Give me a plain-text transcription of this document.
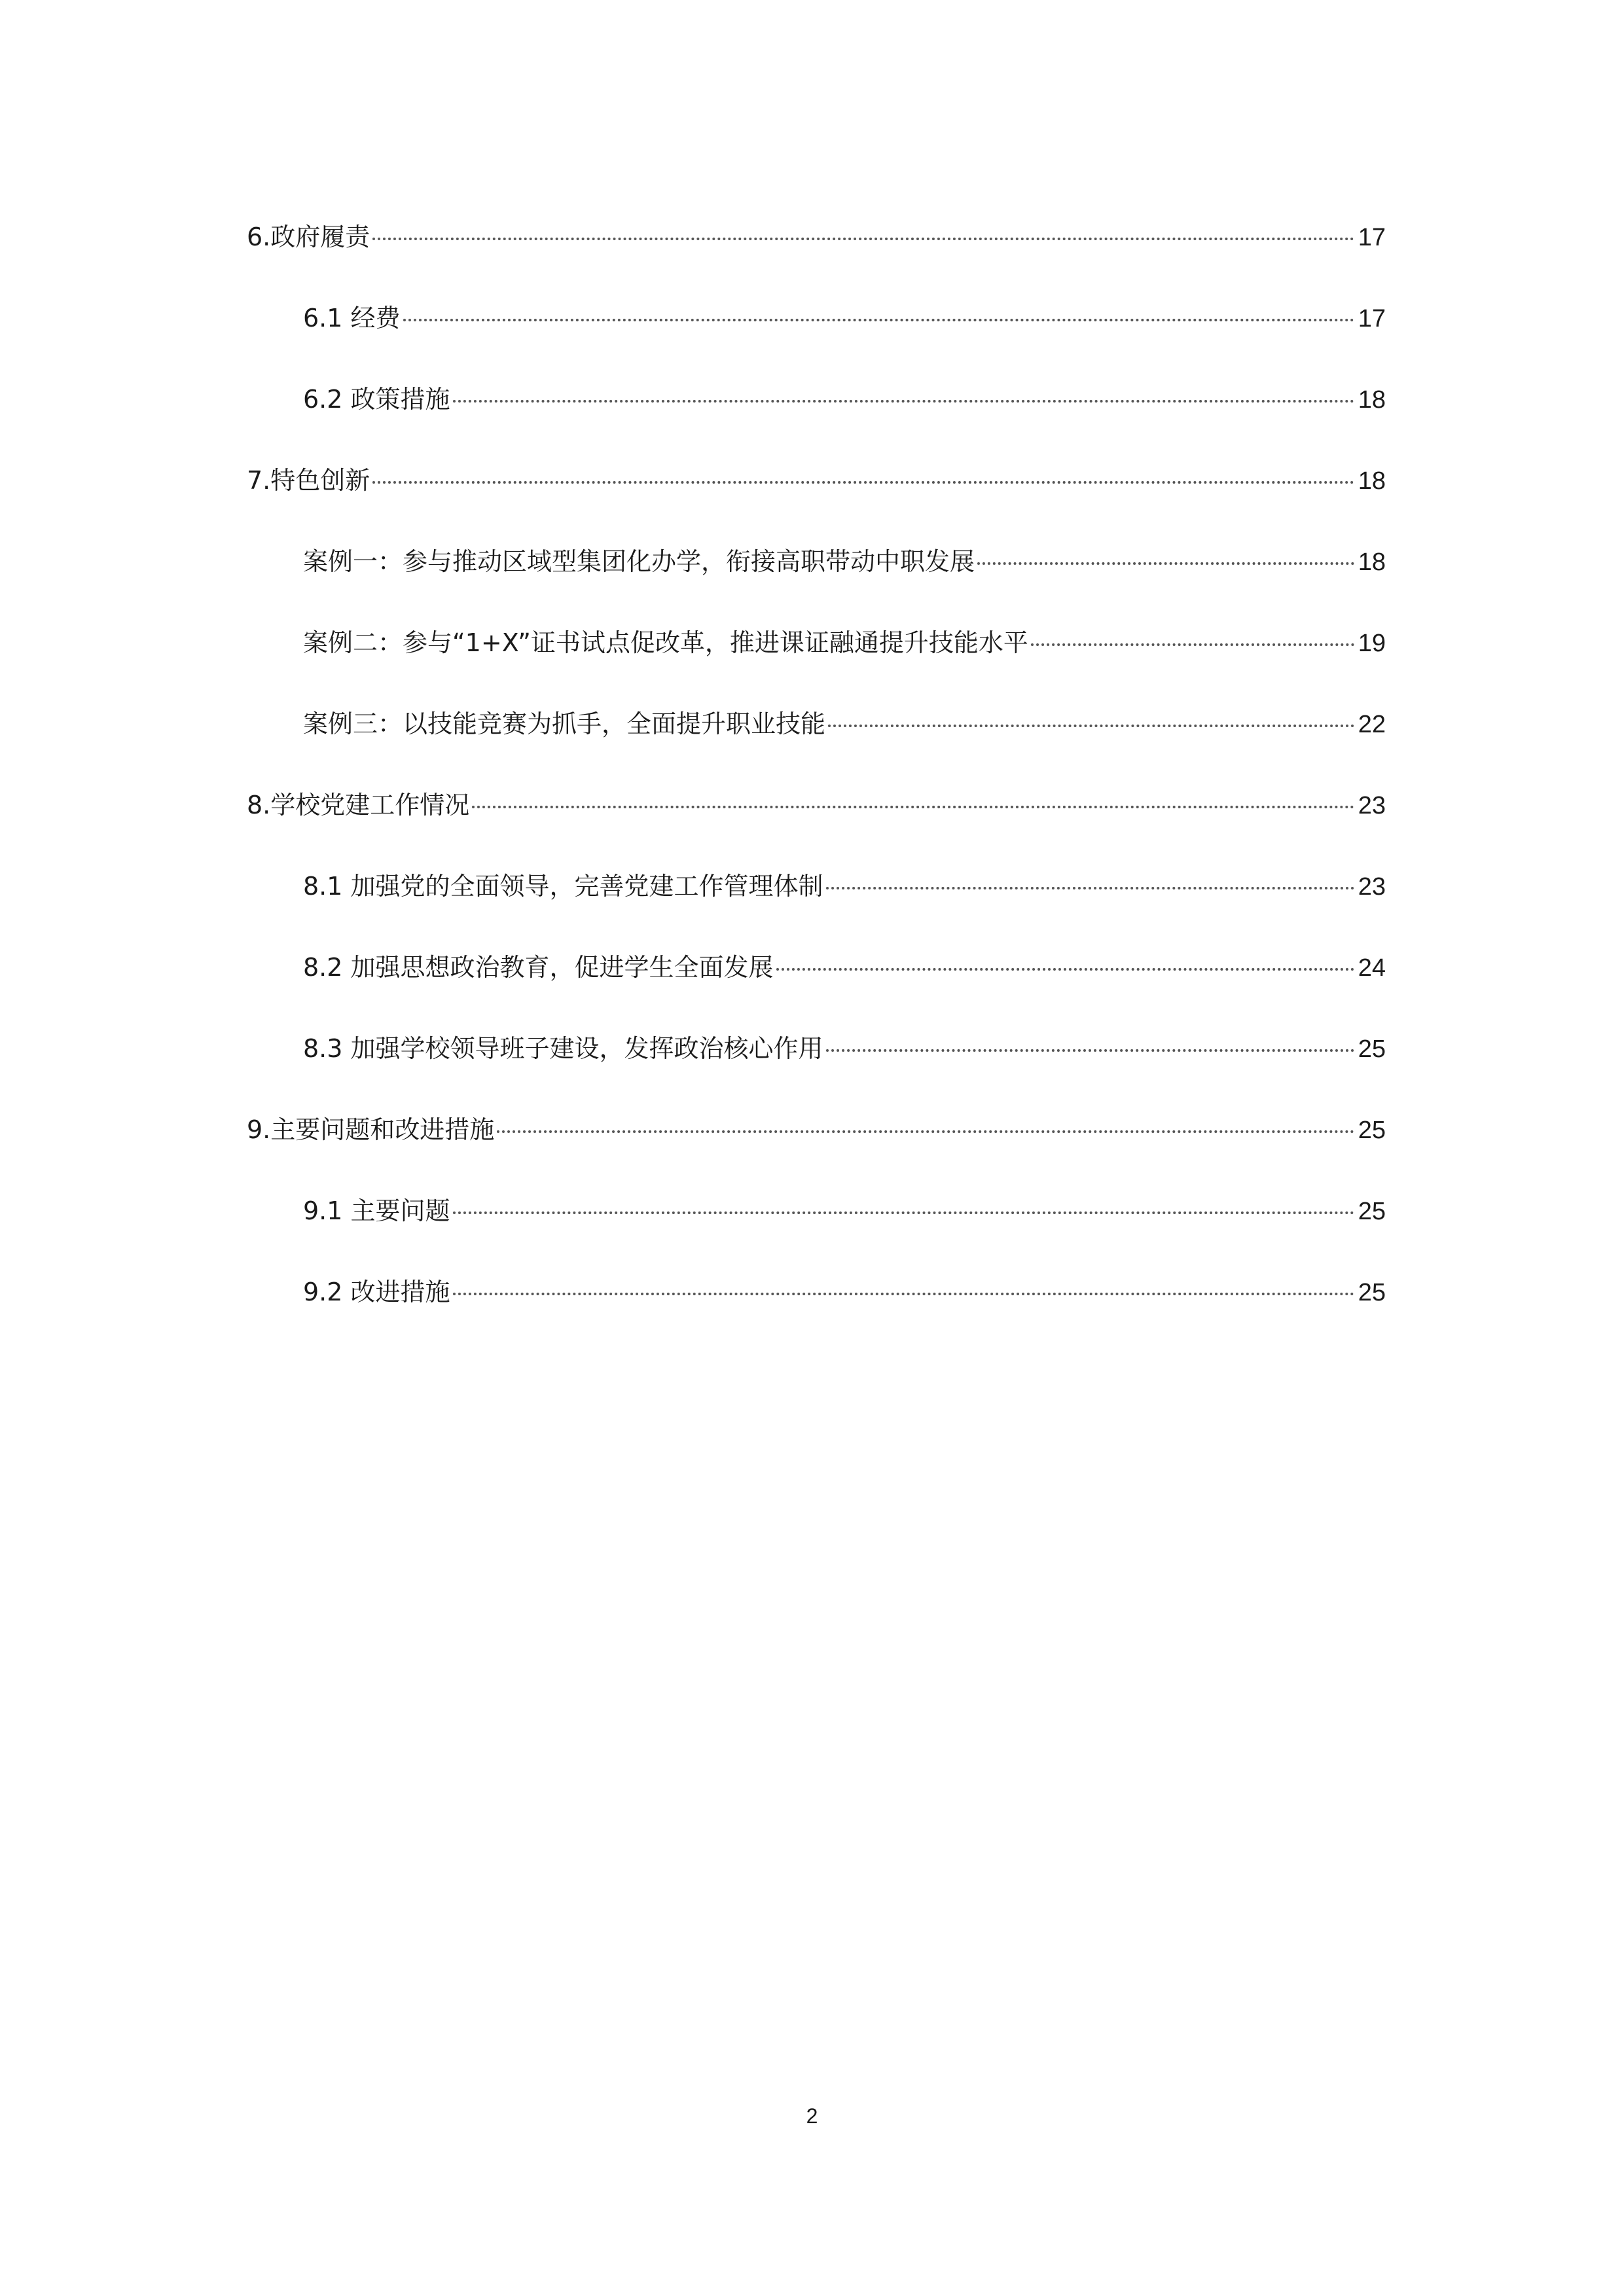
6.政府履责	17
6.1 经费	17
6.2 政策措施	18
7.特色创新	18
案例一：参与推动区域型集团化办学，衔接高职带动中职发展	18
案例二：参与“1+X”证书试点促改革，推进课证融通提升技能水平	19
案例三：以技能竞赛为抓手，全面提升职业技能	22
8.学校党建工作情况	23
8.1 加强党的全面领导，完善党建工作管理体制	23
8.2 加强思想政治教育，促进学生全面发展	24
8.3 加强学校领导班子建设，发挥政治核心作用	25
9.主要问题和改进措施	25
9.1 主要问题	25
9.2 改进措施	25
2
